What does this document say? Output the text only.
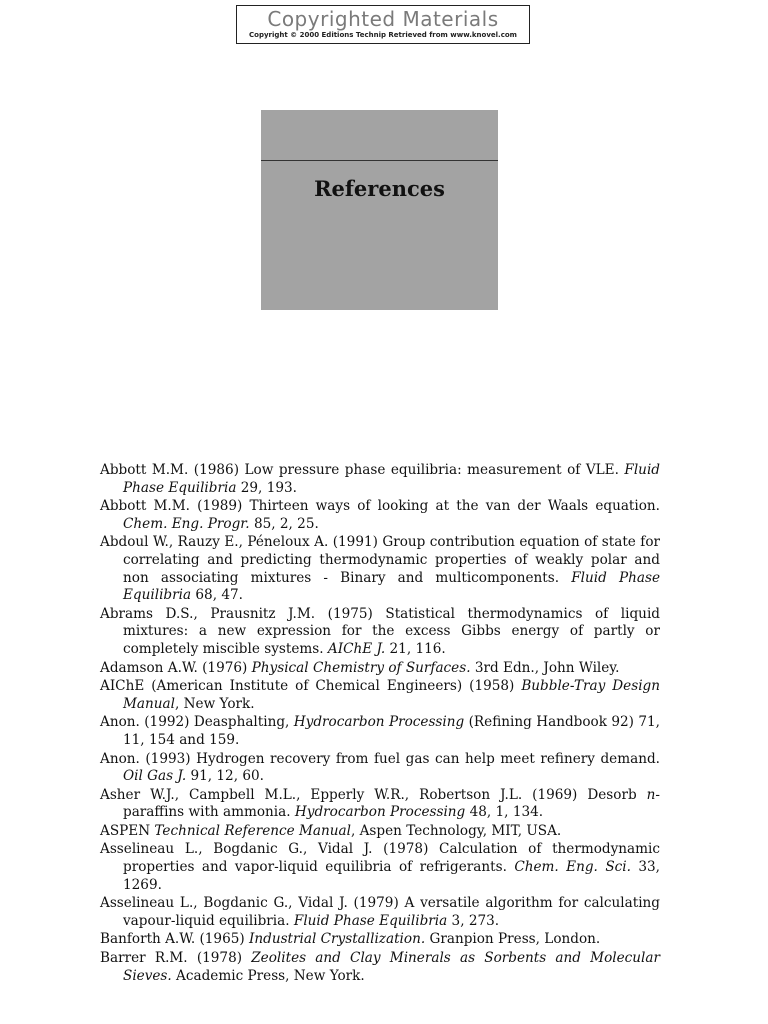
Copyrighted Materials
Copyright © 2000 Editions Technip Retrieved from www.knovel.com
References
Abbott M.M. (1986) Low pressure phase equilibria: measurement of VLE. Fluid Phase Equilibria 29, 193.
Abbott M.M. (1989) Thirteen ways of looking at the van der Waals equation. Chem. Eng. Progr. 85, 2, 25.
Abdoul W., Rauzy E., Péneloux A. (1991) Group contribution equation of state for correlating and predicting thermodynamic properties of weakly polar and non associating mixtures - Binary and multicomponents. Fluid Phase Equilibria 68, 47.
Abrams D.S., Prausnitz J.M. (1975) Statistical thermodynamics of liquid mixtures: a new expression for the excess Gibbs energy of partly or completely miscible systems. AIChE J. 21, 116.
Adamson A.W. (1976) Physical Chemistry of Surfaces. 3rd Edn., John Wiley.
AIChE (American Institute of Chemical Engineers) (1958) Bubble-Tray Design Manual, New York.
Anon. (1992) Deasphalting, Hydrocarbon Processing (Refining Handbook 92) 71, 11, 154 and 159.
Anon. (1993) Hydrogen recovery from fuel gas can help meet refinery demand. Oil Gas J. 91, 12, 60.
Asher W.J., Campbell M.L., Epperly W.R., Robertson J.L. (1969) Desorb n-paraffins with ammonia. Hydrocarbon Processing 48, 1, 134.
ASPEN Technical Reference Manual, Aspen Technology, MIT, USA.
Asselineau L., Bogdanic G., Vidal J. (1978) Calculation of thermodynamic properties and vapor-liquid equilibria of refrigerants. Chem. Eng. Sci. 33, 1269.
Asselineau L., Bogdanic G., Vidal J. (1979) A versatile algorithm for calculating vapour-liquid equilibria. Fluid Phase Equilibria 3, 273.
Banforth A.W. (1965) Industrial Crystallization. Granpion Press, London.
Barrer R.M. (1978) Zeolites and Clay Minerals as Sorbents and Molecular Sieves. Academic Press, New York.
